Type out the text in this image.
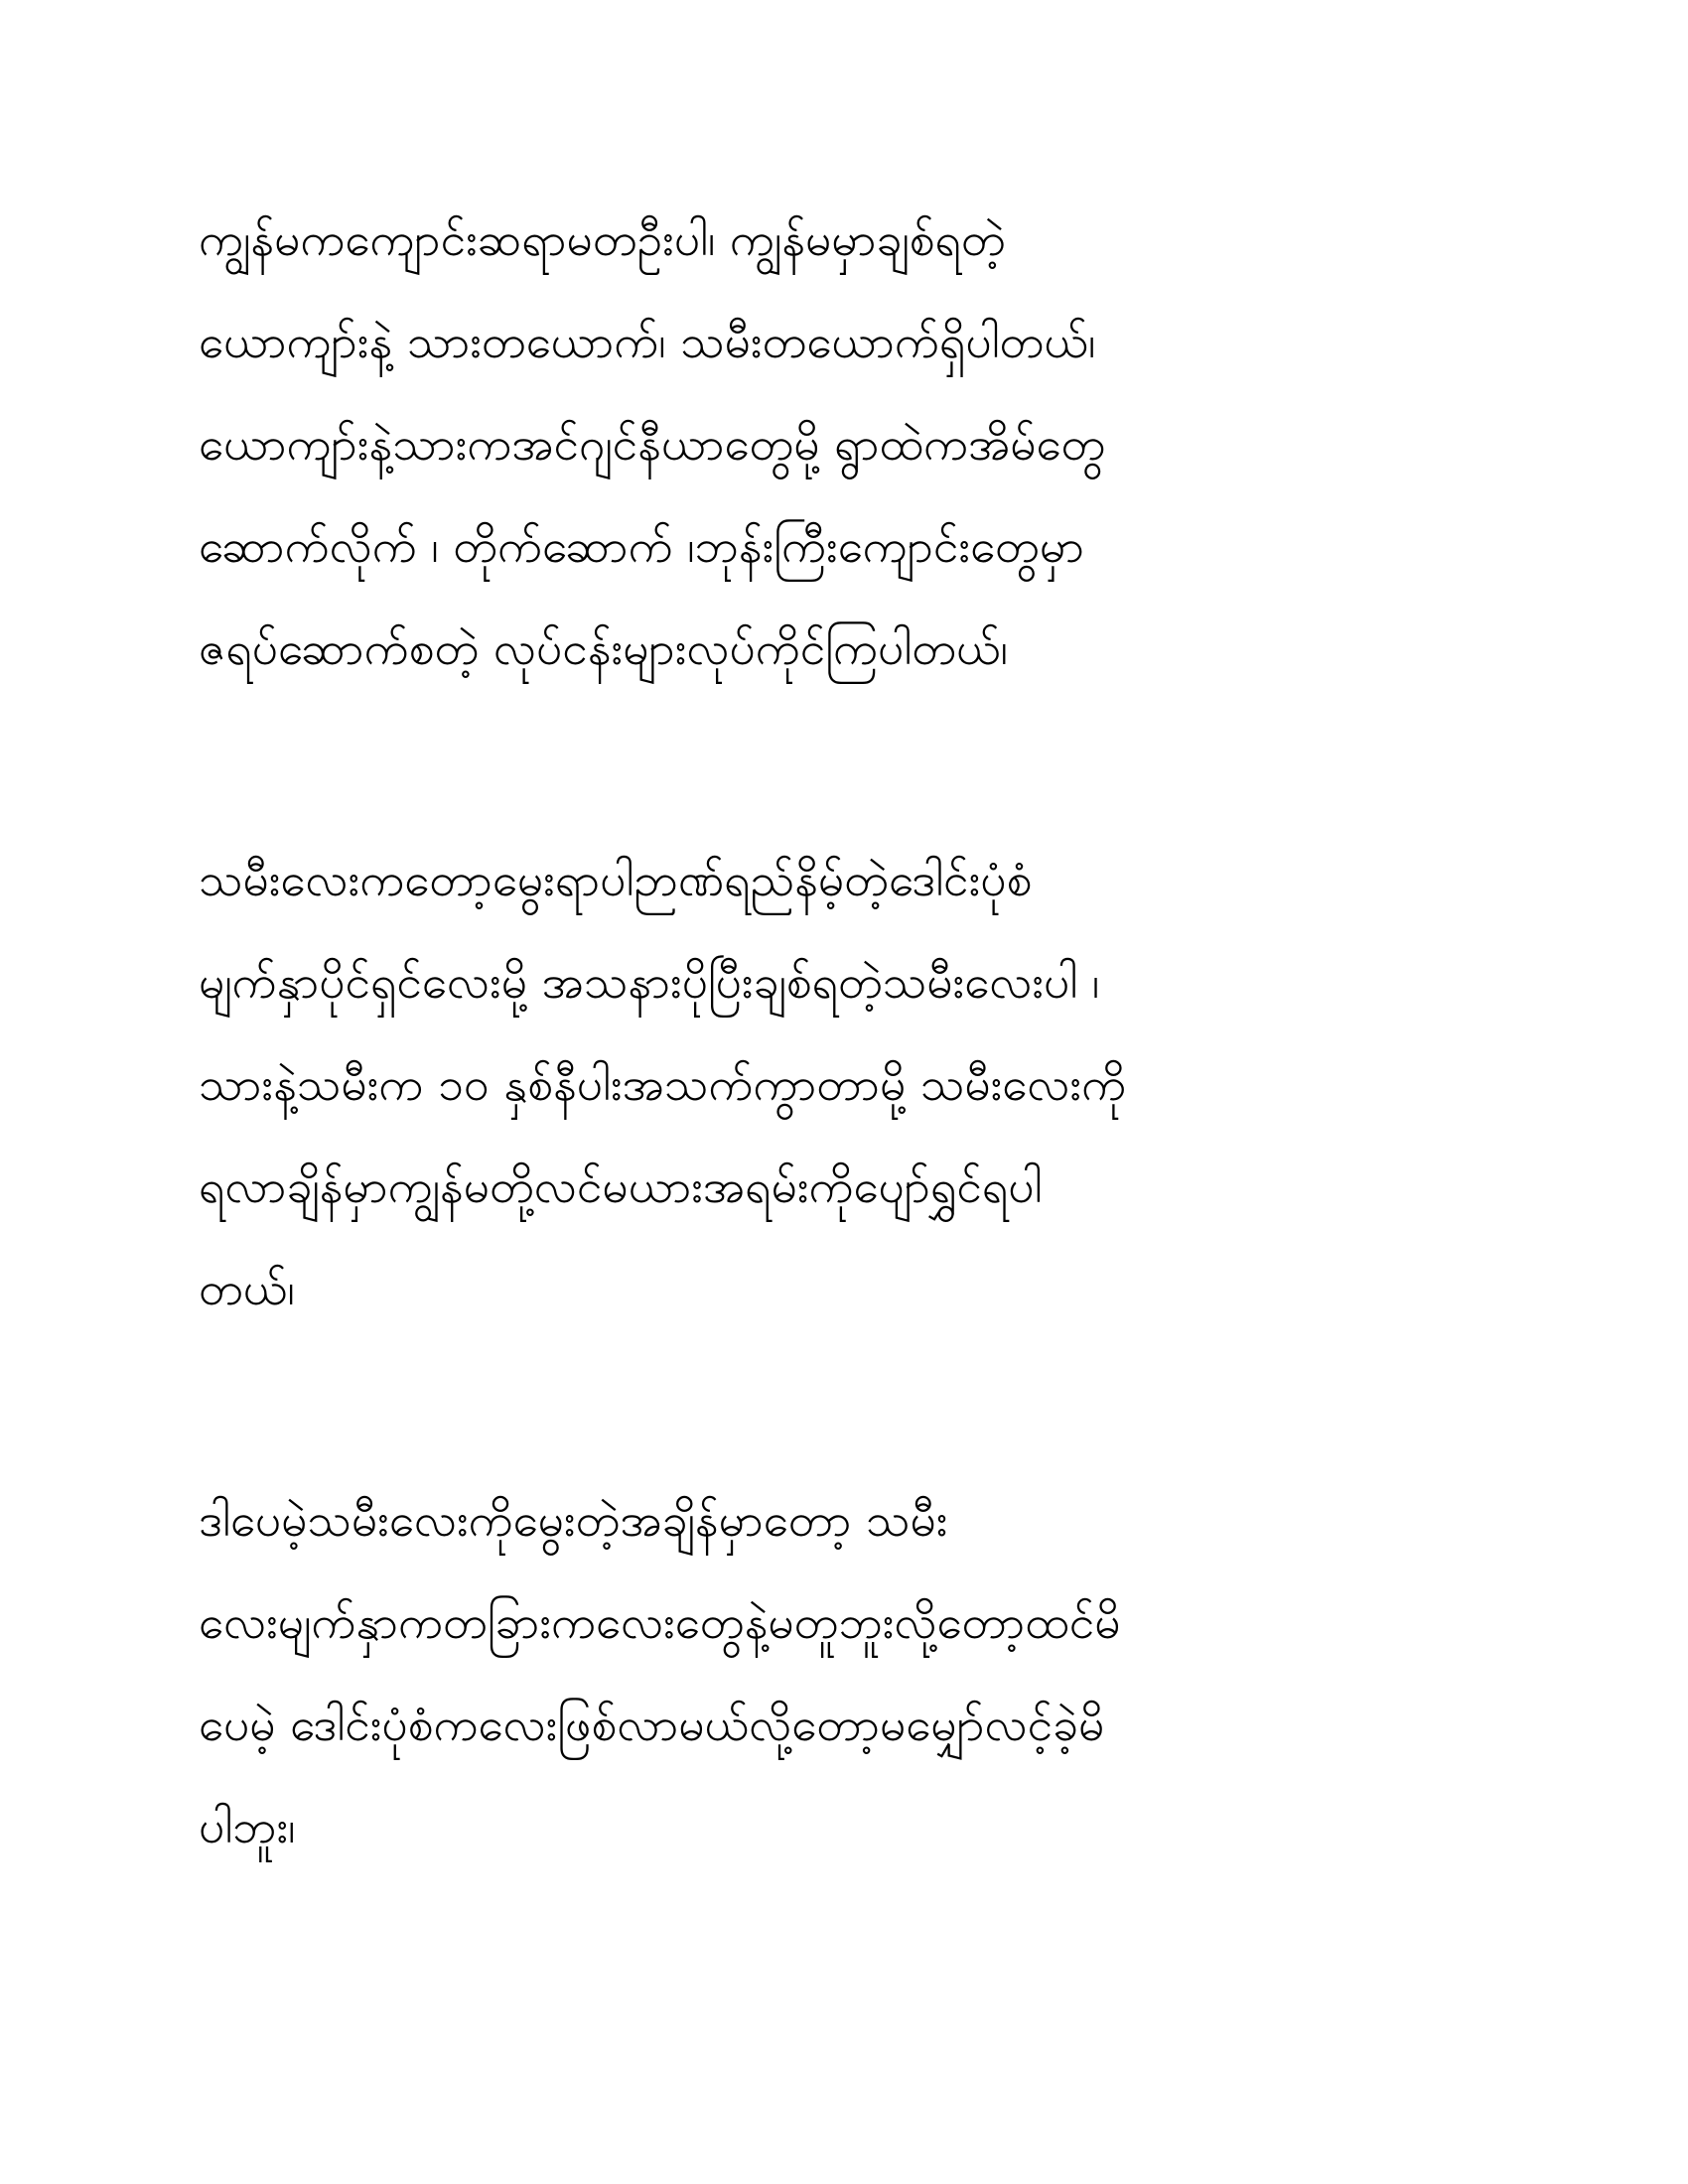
ကျွန်မကကျောင်းဆရာမတဦးပါ၊ ကျွန်မမှာချစ်ရတဲ့
ယောကျာ်းနဲ့ သားတယောက်၊ သမီးတယောက်ရှိပါတယ်၊
ယောကျာ်းနဲ့သားကအင်ဂျင်နီယာတွေမို့ ရွာထဲကအိမ်တွေ
ဆောက်လိုက် ၊ တိုက်ဆောက် ၊ဘုန်းကြီးကျောင်းတွေမှာ
ဇရပ်ဆောက်စတဲ့ လုပ်ငန်းများလုပ်ကိုင်ကြပါတယ်၊
သမီးလေးကတော့မွေးရာပါဉာဏ်ရည်နိမ့်တဲ့ဒေါင်းပုံစံ
မျက်နှာပိုင်ရှင်လေးမို့ အသနားပိုပြီးချစ်ရတဲ့သမီးလေးပါ ၊
သားနဲ့သမီးက ၁၀ နှစ်နီပါးအသက်ကွာတာမို့ သမီးလေးကို
ရလာချိန်မှာကျွန်မတို့လင်မယားအရမ်းကိုပျော်ရွှင်ရပါ
တယ်၊
ဒါပေမဲ့သမီးလေးကိုမွေးတဲ့အချိန်မှာတော့ သမီး
လေးမျက်နှာကတခြားကလေးတွေနဲ့မတူဘူးလို့တော့ထင်မိ
ပေမဲ့ ဒေါင်းပုံစံကလေးဖြစ်လာမယ်လို့တော့မမျှော်လင့်ခဲ့မိ
ပါဘူး၊
